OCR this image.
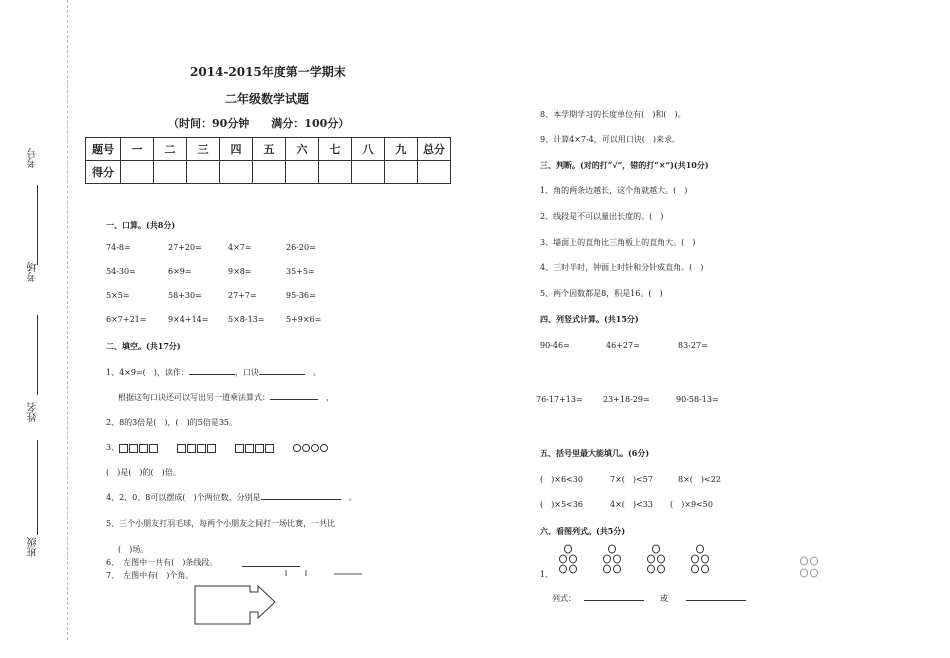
考号
考场
姓名
班级
2014-2015年度第一学期末
二年级数学试题
（时间：90分钟　　满分：100分）
题号	一	二	三	四	五	六	七	八	九	总分
得分										
一、口算。(共8分)
74-8=	27+20=	4×7=	26-20=
54-30=	6×9=	9×8=	35+5=
5×5=	58+30=	27+7=	95-36=
6×7+21=	9×4+14= 5×8-13=	5+9×6=
二、填空。(共17分)
1、4×9=(　)，读作：	，口诀　	。
根据这句口诀还可以写出另一道乘法算式：　	，
2、8的3倍是(　)，(　)的5倍是35。
3、
(　)是(　)的(　)倍。
4、2、0、8可以摆成(　)个两位数，分别是　	。
5、三个小朋友打羽毛球，每两个小朋友之间打一场比赛，一共比
(　)场。
6、　左图中一共有(　)条线段。
7、　左图中有(　)个角。
8、本学期学习的长度单位有(　)和(　)。
9、计算4×7-4，可以用口诀(　)来求。
三、判断。(对的打“√”，错的打“×”)(共10分)
1、角的两条边越长，这个角就越大。(　)
2、线段是不可以量出长度的。(　)
3、墙面上的直角比三角板上的直角大。(　)
4、三时半时，钟面上时针和分针成直角。(　)
5、两个因数都是8，积是16。(　)
四、列竖式计算。(共15分)
90-46=	46+27=	83-27=
76-17+13=	23+18-29=	90-58-13=
五、括号里最大能填几。(6分)
(　)×6<30	7×(　)<57	8×(　)<22
(　)×5<36	4×(　)<33 (　)×9<50
六、看图列式。(共5分)
1、
列式：	或
